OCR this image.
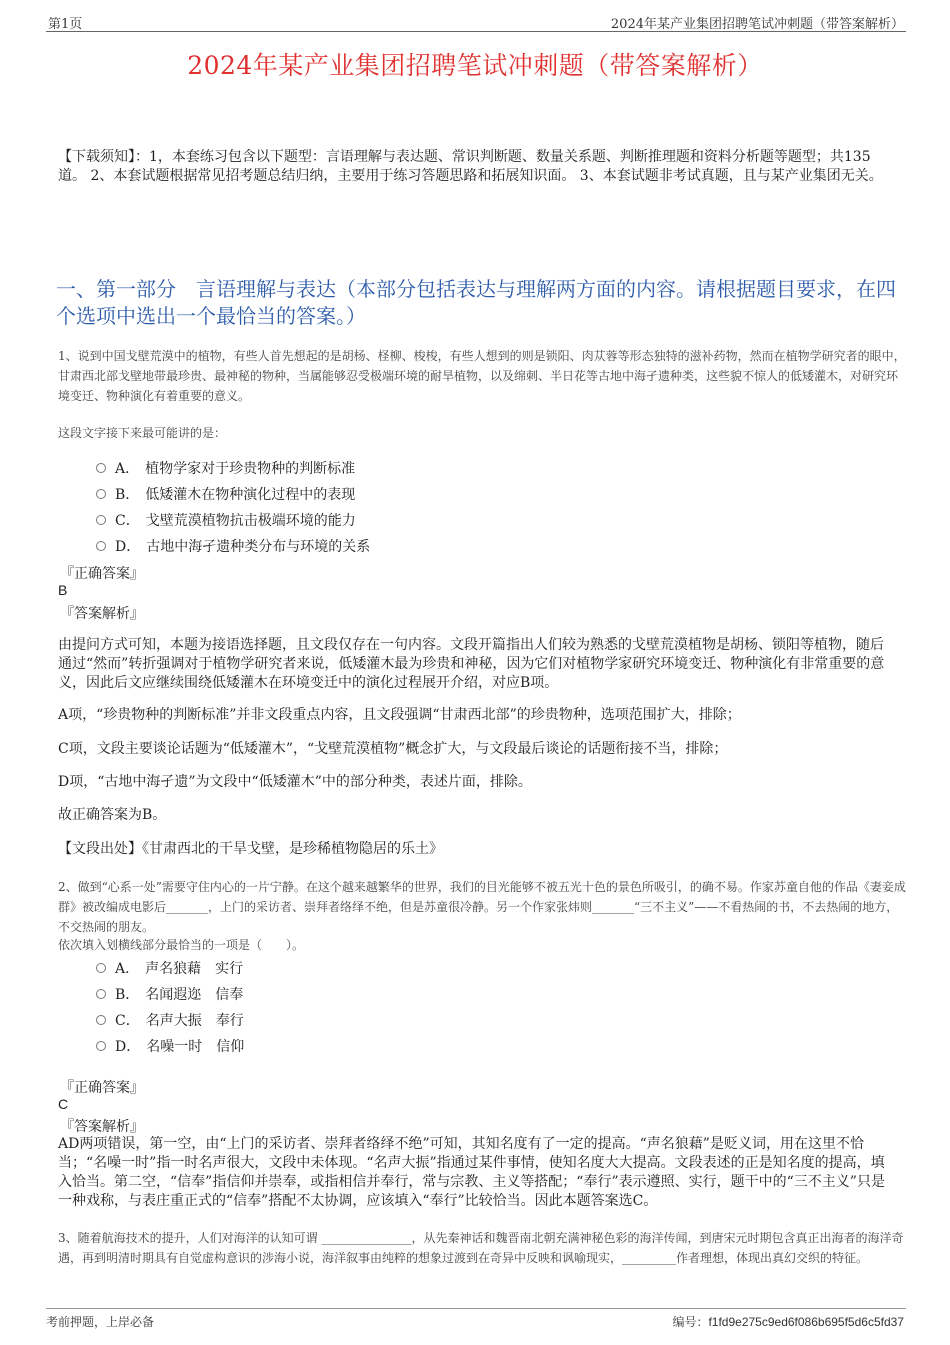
第1页	2024年某产业集团招聘笔试冲刺题（带答案解析）
2024年某产业集团招聘笔试冲刺题（带答案解析）
【下载须知】：1，本套练习包含以下题型：言语理解与表达题、常识判断题、数量关系题、判断推理题和资料分析题等题型；共135道。 2、本套试题根据常见招考题总结归纳，主要用于练习答题思路和拓展知识面。 3、本套试题非考试真题，且与某产业集团无关。
一、第一部分　言语理解与表达（本部分包括表达与理解两方面的内容。请根据题目要求，在四个选项中选出一个最恰当的答案。）
1、说到中国戈壁荒漠中的植物，有些人首先想起的是胡杨、柽柳、梭梭，有些人想到的则是锁阳、肉苁蓉等形态独特的滋补药物，然而在植物学研究者的眼中，甘肃西北部戈壁地带最珍贵、最神秘的物种，当属能够忍受极端环境的耐旱植物，以及绵刺、半日花等古地中海孑遗种类，这些貌不惊人的低矮灌木，对研究环境变迁、物种演化有着重要的意义。
这段文字接下来最可能讲的是：
A． 植物学家对于珍贵物种的判断标准
B． 低矮灌木在物种演化过程中的表现
C． 戈壁荒漠植物抗击极端环境的能力
D． 古地中海孑遗种类分布与环境的关系
『正确答案』
B
『答案解析』
由提问方式可知，本题为接语选择题，且文段仅存在一句内容。文段开篇指出人们较为熟悉的戈壁荒漠植物是胡杨、锁阳等植物，随后通过“然而”转折强调对于植物学研究者来说，低矮灌木最为珍贵和神秘，因为它们对植物学家研究环境变迁、物种演化有非常重要的意义，因此后文应继续围绕低矮灌木在环境变迁中的演化过程展开介绍，对应B项。
A项，“珍贵物种的判断标准”并非文段重点内容，且文段强调“甘肃西北部”的珍贵物种，选项范围扩大，排除；
C项，文段主要谈论话题为“低矮灌木”，“戈壁荒漠植物”概念扩大，与文段最后谈论的话题衔接不当，排除；
D项，“古地中海孑遗”为文段中“低矮灌木”中的部分种类，表述片面，排除。
故正确答案为B。
【文段出处】《甘肃西北的干旱戈壁，是珍稀植物隐居的乐土》
2、做到“心系一处”需要守住内心的一片宁静。在这个越来越繁华的世界，我们的目光能够不被五光十色的景色所吸引，的确不易。作家苏童自他的作品《妻妾成群》被改编成电影后_______，上门的采访者、崇拜者络绎不绝，但是苏童很冷静。另一个作家张炜则_______“三不主义”——不看热闹的书，不去热闹的地方，不交热闹的朋友。
依次填入划横线部分最恰当的一项是（　　）。
A． 声名狼藉　实行
B． 名闻遐迩　信奉
C． 名声大振　奉行
D． 名噪一时　信仰
『正确答案』
C
『答案解析』
AD两项错误，第一空，由“上门的采访者、崇拜者络绎不绝”可知，其知名度有了一定的提高。“声名狼藉”是贬义词，用在这里不恰当；“名噪一时”指一时名声很大，文段中未体现。“名声大振”指通过某件事情，使知名度大大提高。文段表述的正是知名度的提高，填入恰当。第二空，“信奉”指信仰并崇奉，或指相信并奉行，常与宗教、主义等搭配；“奉行”表示遵照、实行，题干中的“三不主义”只是一种戏称，与表庄重正式的“信奉”搭配不太协调，应该填入“奉行”比较恰当。因此本题答案选C。
3、随着航海技术的提升，人们对海洋的认知可谓 _______________，从先秦神话和魏晋南北朝充满神秘色彩的海洋传闻，到唐宋元时期包含真正出海者的海洋奇遇，再到明清时期具有自觉虚构意识的涉海小说，海洋叙事由纯粹的想象过渡到在奇异中反映和讽喻现实，_________作者理想，体现出真幻交织的特征。
考前押题，上岸必备	编号：f1fd9e275c9ed6f086b695f5d6c5fd37
